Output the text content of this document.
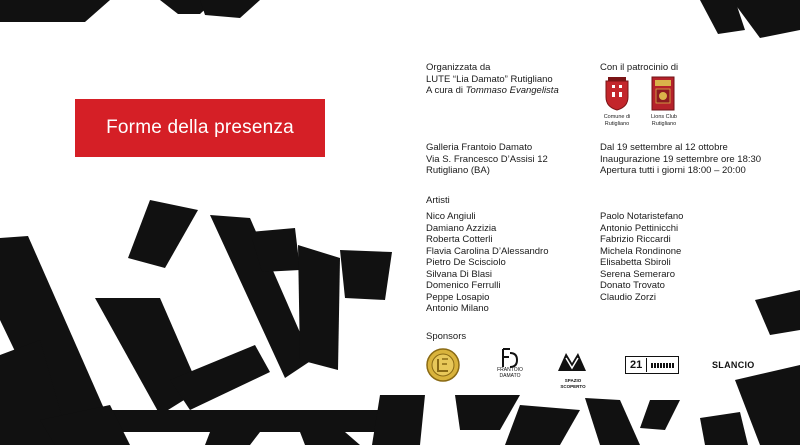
Forme della presenza
Organizzata da
LUTE “Lia Damato” Rutigliano
A cura di Tommaso Evangelista
Con il patrocinio di
Comune di
Rutigliano
Lions Club
Rutigliano
Galleria Frantoio Damato
Via S. Francesco D’Assisi 12
Rutigliano (BA)
Dal 19 settembre al 12 ottobre
Inaugurazione 19 settembre ore 18:30
Apertura tutti i giorni 18:00 – 20:00
Artisti
Nico Angiuli
Damiano Azzizia
Roberta Cotterli
Flavia Carolina D’Alessandro
Pietro De Scisciolo
Silvana Di Blasi
Domenico Ferrulli
Peppe Losapio
Antonio Milano
Paolo Notaristefano
Antonio Pettinicchi
Fabrizio Riccardi
Michela Rondinone
Elisabetta Sbiroli
Serena Semeraro
Donato Trovato
Claudio Zorzi
Sponsors
FRANTOIO
DAMATO
SPAZIO SCOPERTO
21	SLANCIO
